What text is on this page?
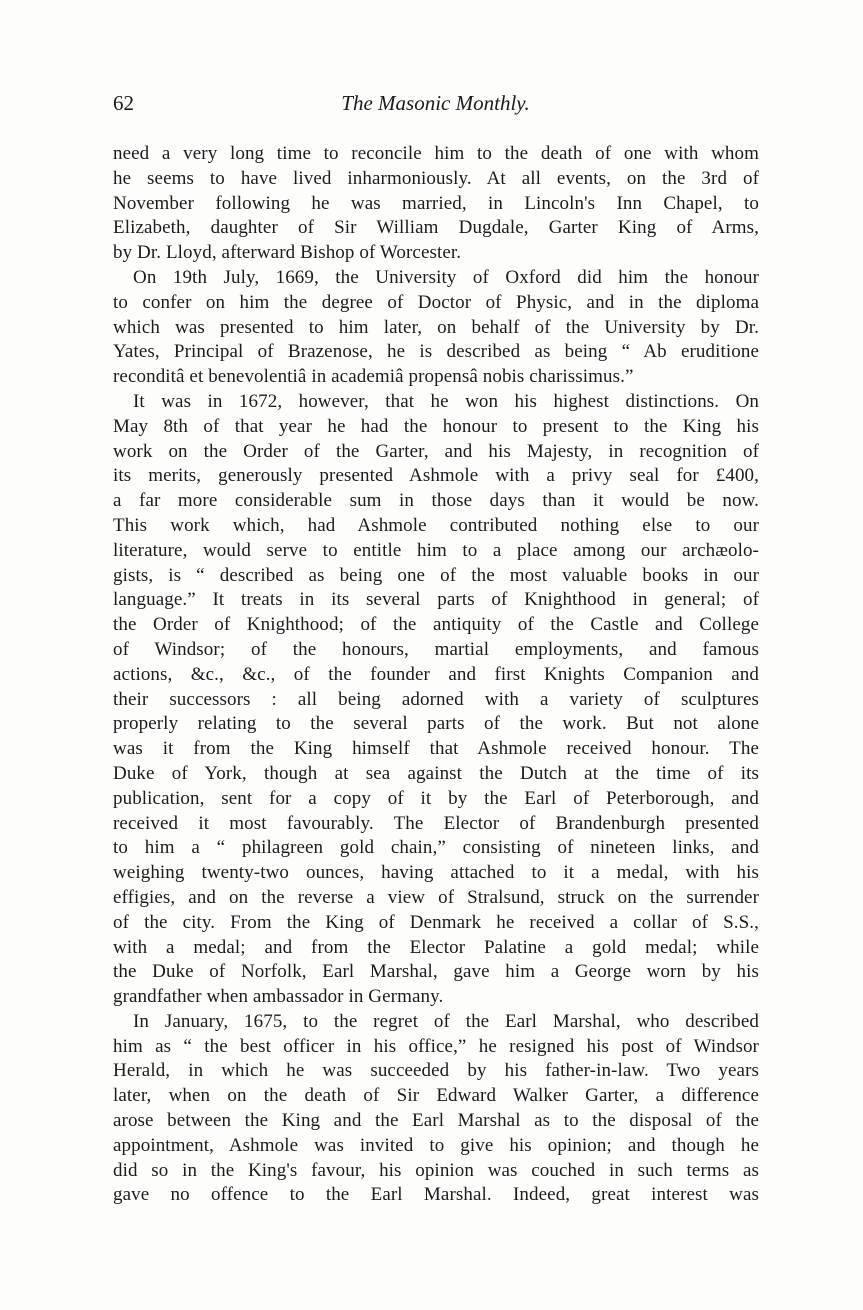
62	The Masonic Monthly.
need a very long time to reconcile him to the death of one with whom
he seems to have lived inharmoniously. At all events, on the 3rd of
November following he was married, in Lincoln's Inn Chapel, to
Elizabeth, daughter of Sir William Dugdale, Garter King of Arms,
by Dr. Lloyd, afterward Bishop of Worcester.
On 19th July, 1669, the University of Oxford did him the honour
to confer on him the degree of Doctor of Physic, and in the diploma
which was presented to him later, on behalf of the University by Dr.
Yates, Principal of Brazenose, he is described as being “ Ab eruditione
reconditâ et benevolentiâ in academiâ propensâ nobis charissimus.”
It was in 1672, however, that he won his highest distinctions. On
May 8th of that year he had the honour to present to the King his
work on the Order of the Garter, and his Majesty, in recognition of
its merits, generously presented Ashmole with a privy seal for £400,
a far more considerable sum in those days than it would be now.
This work which, had Ashmole contributed nothing else to our
literature, would serve to entitle him to a place among our archæolo-
gists, is “ described as being one of the most valuable books in our
language.” It treats in its several parts of Knighthood in general; of
the Order of Knighthood; of the antiquity of the Castle and College
of Windsor; of the honours, martial employments, and famous
actions, &c., &c., of the founder and first Knights Companion and
their successors : all being adorned with a variety of sculptures
properly relating to the several parts of the work. But not alone
was it from the King himself that Ashmole received honour. The
Duke of York, though at sea against the Dutch at the time of its
publication, sent for a copy of it by the Earl of Peterborough, and
received it most favourably. The Elector of Brandenburgh presented
to him a “ philagreen gold chain,” consisting of nineteen links, and
weighing twenty-two ounces, having attached to it a medal, with his
effigies, and on the reverse a view of Stralsund, struck on the surrender
of the city. From the King of Denmark he received a collar of S.S.,
with a medal; and from the Elector Palatine a gold medal; while
the Duke of Norfolk, Earl Marshal, gave him a George worn by his
grandfather when ambassador in Germany.
In January, 1675, to the regret of the Earl Marshal, who described
him as “ the best officer in his office,” he resigned his post of Windsor
Herald, in which he was succeeded by his father-in-law. Two years
later, when on the death of Sir Edward Walker Garter, a difference
arose between the King and the Earl Marshal as to the disposal of the
appointment, Ashmole was invited to give his opinion; and though he
did so in the King's favour, his opinion was couched in such terms as
gave no offence to the Earl Marshal. Indeed, great interest was
